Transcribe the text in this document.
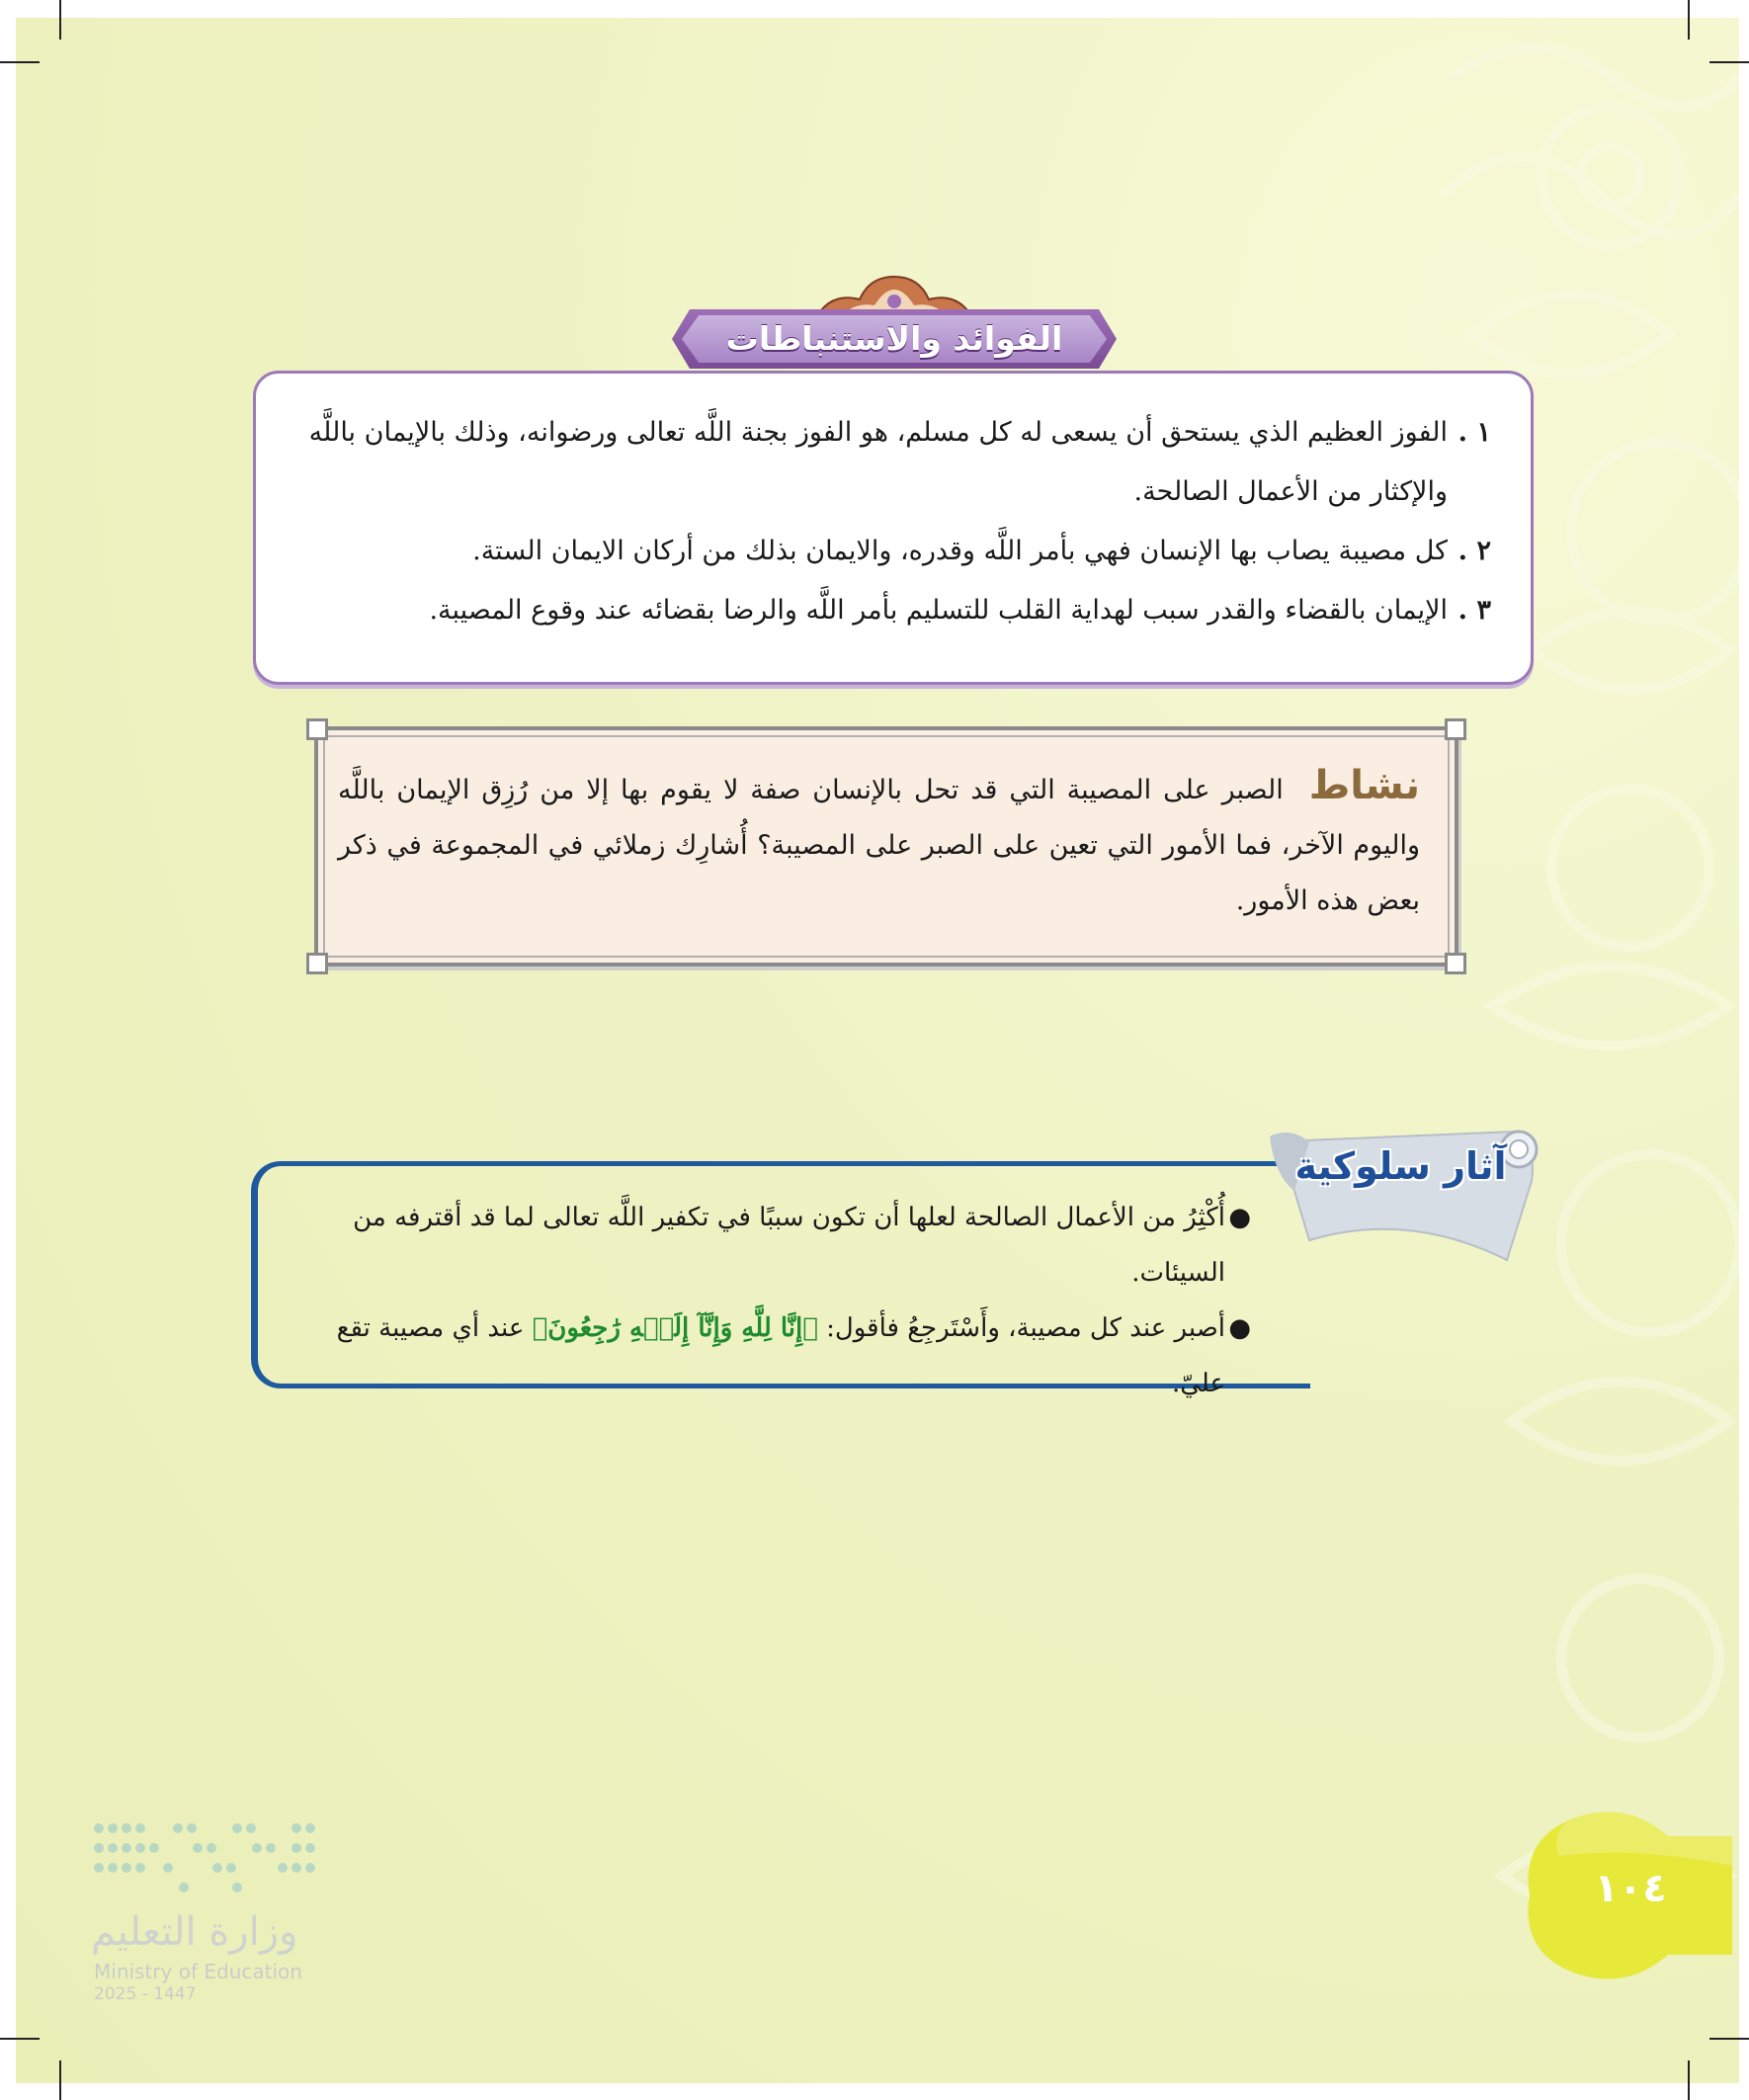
الفوائد والاستنباطات
١ .
الفوز العظيم الذي يستحق أن يسعى له كل مسلم، هو الفوز بجنة اللَّه تعالى ورضوانه، وذلك بالإيمان باللَّه والإكثار من الأعمال الصالحة.
٢ .
كل مصيبة يصاب بها الإنسان فهي بأمر اللَّه وقدره، والايمان بذلك من أركان الايمان الستة.
٣ .
الإيمان بالقضاء والقدر سبب لهداية القلب للتسليم بأمر اللَّه والرضا بقضائه عند وقوع المصيبة.
نشاط الصبر على المصيبة التي قد تحل بالإنسان صفة لا يقوم بها إلا من رُزِق الإيمان باللَّه واليوم الآخر، فما الأمور التي تعين على الصبر على المصيبة؟ أُشارِك زملائي في المجموعة في ذكر بعض هذه الأمور.
●
أُكْثِرُ من الأعمال الصالحة لعلها أن تكون سببًا في تكفير اللَّه تعالى لما قد أقترفه من السيئات.
●
أصبر عند كل مصيبة، وأَسْتَرجِعُ فأقول: ﴿إِنَّا لِلَّهِ وَإِنَّآ إِلَيۡهِ رَٰجِعُونَ﴾ عند أي مصيبة تقع عليّ.
آثار سلوكية
١٠٤
وزارة التعليم
Ministry of Education
2025 - 1447
